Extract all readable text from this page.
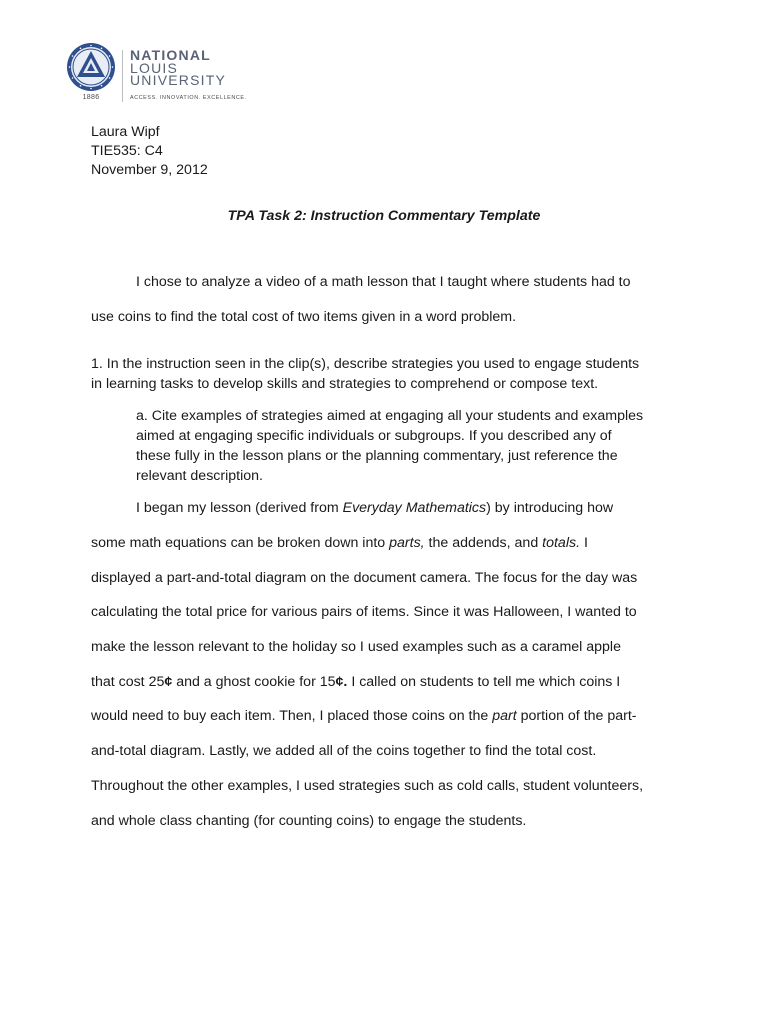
1886
NATIONAL
LOUIS
UNIVERSITY
ACCESS. INNOVATION. EXCELLENCE.
Laura Wipf
TIE535: C4
November 9, 2012
TPA Task 2: Instruction Commentary Template

I chose to analyze a video of a math lesson that I taught where students had to

use coins to find the total cost of two items given in a word problem.

1. In the instruction seen in the clip(s), describe strategies you used to engage students

in learning tasks to develop skills and strategies to comprehend or compose text.

a. Cite examples of strategies aimed at engaging all your students and examples

aimed at engaging specific individuals or subgroups. If you described any of

these fully in the lesson plans or the planning commentary, just reference the

relevant description.

I began my lesson (derived from Everyday Mathematics) by introducing how

some math equations can be broken down into parts, the addends, and totals. I

displayed a part-and-total diagram on the document camera. The focus for the day was

calculating the total price for various pairs of items. Since it was Halloween, I wanted to

make the lesson relevant to the holiday so I used examples such as a caramel apple

that cost 25¢ and a ghost cookie for 15¢. I called on students to tell me which coins I

would need to buy each item. Then, I placed those coins on the part portion of the part-

and-total diagram. Lastly, we added all of the coins together to find the total cost.

Throughout the other examples, I used strategies such as cold calls, student volunteers,

and whole class chanting (for counting coins) to engage the students.
